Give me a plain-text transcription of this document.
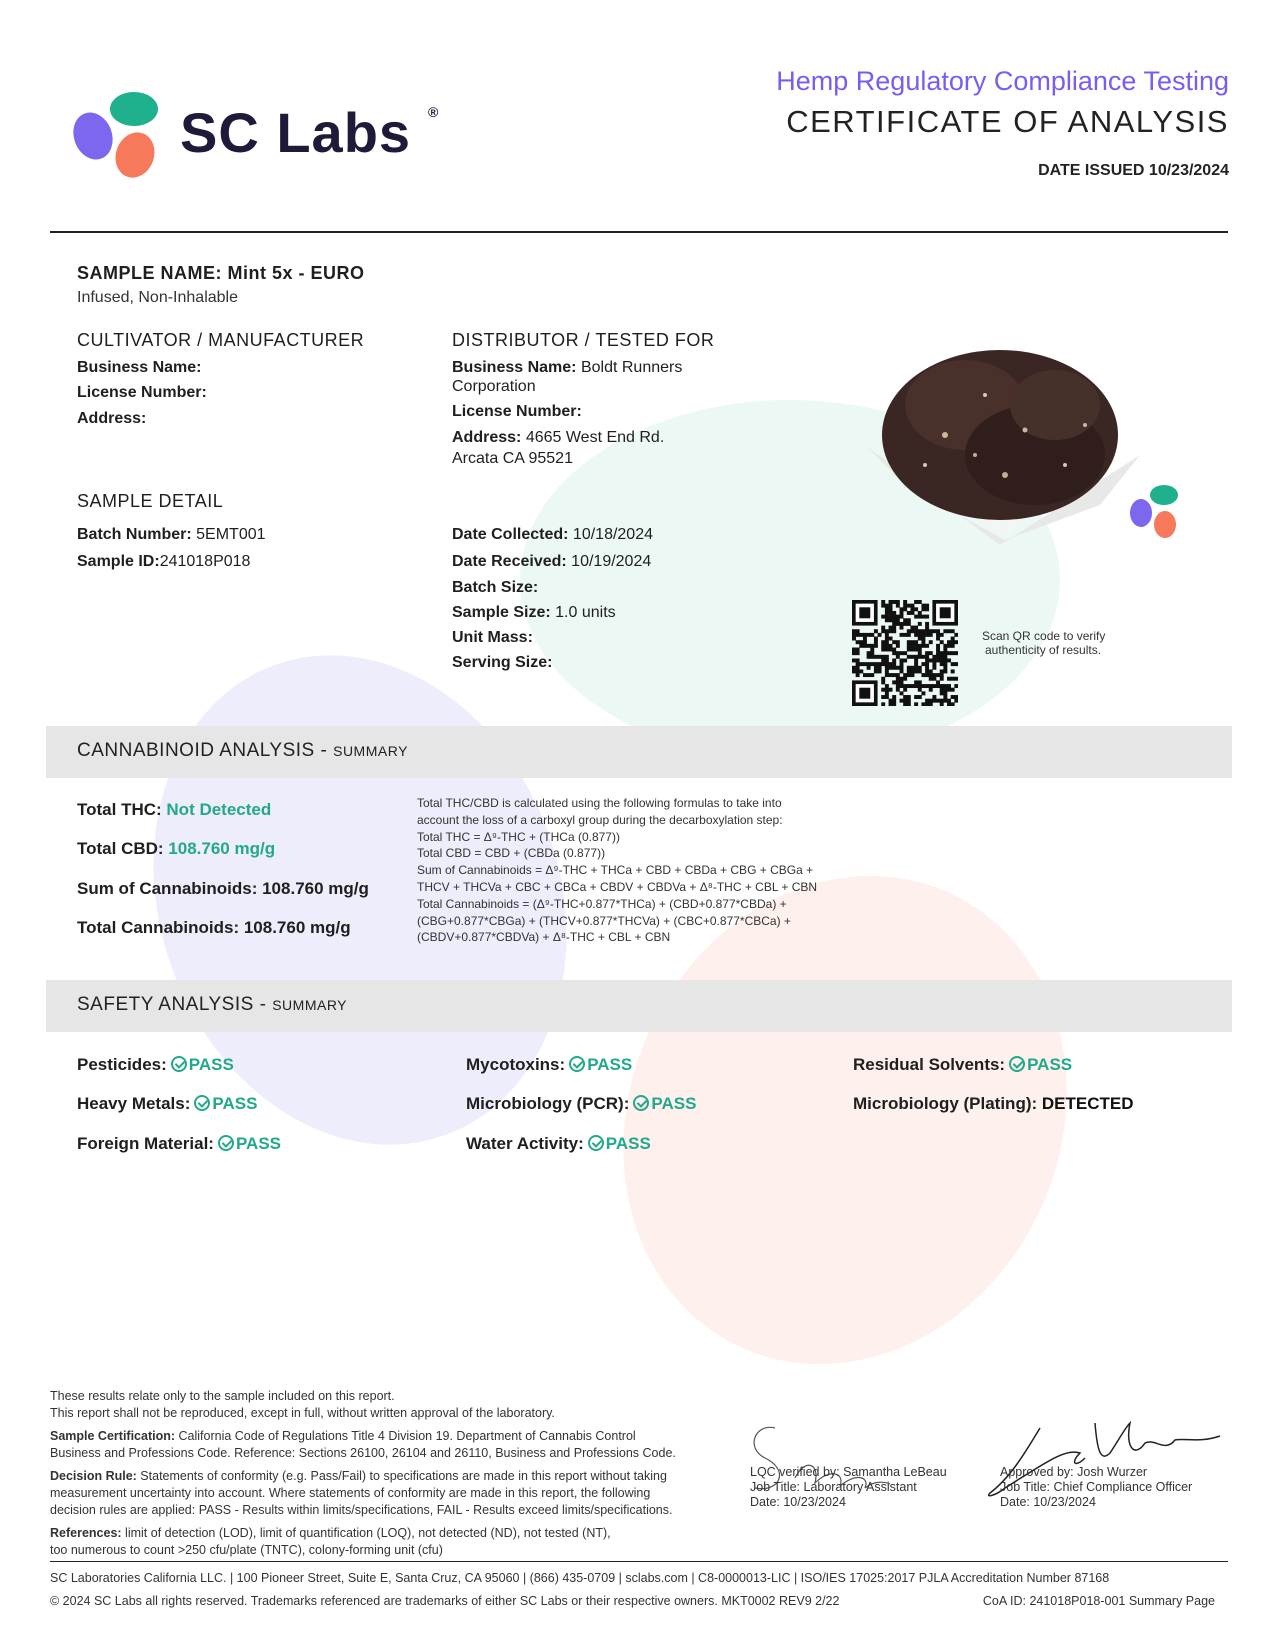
SC Labs ®
Hemp Regulatory Compliance Testing
CERTIFICATE OF ANALYSIS
DATE ISSUED 10/23/2024
SAMPLE NAME: Mint 5x - EURO
Infused, Non-Inhalable
CULTIVATOR / MANUFACTURER
Business Name:
License Number:
Address:
DISTRIBUTOR / TESTED FOR
Business Name: Boldt Runners
Corporation
License Number:
Address: 4665 West End Rd.
Arcata CA 95521
SAMPLE DETAIL
Batch Number: 5EMT001
Sample ID:241018P018
Date Collected: 10/18/2024
Date Received: 10/19/2024
Batch Size:
Sample Size: 1.0 units
Unit Mass:
Serving Size:
Scan QR code to verify
authenticity of results.
CANNABINOID ANALYSIS - SUMMARY
Total THC: Not Detected
Total CBD: 108.760 mg/g
Sum of Cannabinoids: 108.760 mg/g
Total Cannabinoids: 108.760 mg/g
Total THC/CBD is calculated using the following formulas to take into
account the loss of a carboxyl group during the decarboxylation step:
Total THC = Δ⁹-THC + (THCa (0.877))
Total CBD = CBD + (CBDa (0.877))
Sum of Cannabinoids = Δ⁹-THC + THCa + CBD + CBDa + CBG + CBGa +
THCV + THCVa + CBC + CBCa + CBDV + CBDVa + Δ⁸-THC + CBL + CBN
Total Cannabinoids = (Δ⁹-THC+0.877*THCa) + (CBD+0.877*CBDa) +
(CBG+0.877*CBGa) + (THCV+0.877*THCVa) + (CBC+0.877*CBCa) +
(CBDV+0.877*CBDVa) + Δ⁸-THC + CBL + CBN
SAFETY ANALYSIS - SUMMARY
Pesticides: PASS
Heavy Metals: PASS
Foreign Material: PASS
Mycotoxins: PASS
Microbiology (PCR): PASS
Water Activity: PASS
Residual Solvents: PASS
Microbiology (Plating): DETECTED
These results relate only to the sample included on this report.
This report shall not be reproduced, except in full, without written approval of the laboratory.
Sample Certification: California Code of Regulations Title 4 Division 19. Department of Cannabis Control
Business and Professions Code. Reference: Sections 26100, 26104 and 26110, Business and Professions Code.
Decision Rule: Statements of conformity (e.g. Pass/Fail) to specifications are made in this report without taking
measurement uncertainty into account. Where statements of conformity are made in this report, the following
decision rules are applied: PASS - Results within limits/specifications, FAIL - Results exceed limits/specifications.
References: limit of detection (LOD), limit of quantification (LOQ), not detected (ND), not tested (NT),
too numerous to count >250 cfu/plate (TNTC), colony-forming unit (cfu)
LQC verified by: Samantha LeBeau
Job Title: Laboratory Assistant
Date: 10/23/2024
Approved by: Josh Wurzer
Job Title: Chief Compliance Officer
Date: 10/23/2024
SC Laboratories California LLC. | 100 Pioneer Street, Suite E, Santa Cruz, CA 95060 | (866) 435-0709 | sclabs.com | C8-0000013-LIC | ISO/IES 17025:2017 PJLA Accreditation Number 87168
© 2024 SC Labs all rights reserved. Trademarks referenced are trademarks of either SC Labs or their respective owners. MKT0002 REV9 2/22	CoA ID: 241018P018-001 Summary Page
